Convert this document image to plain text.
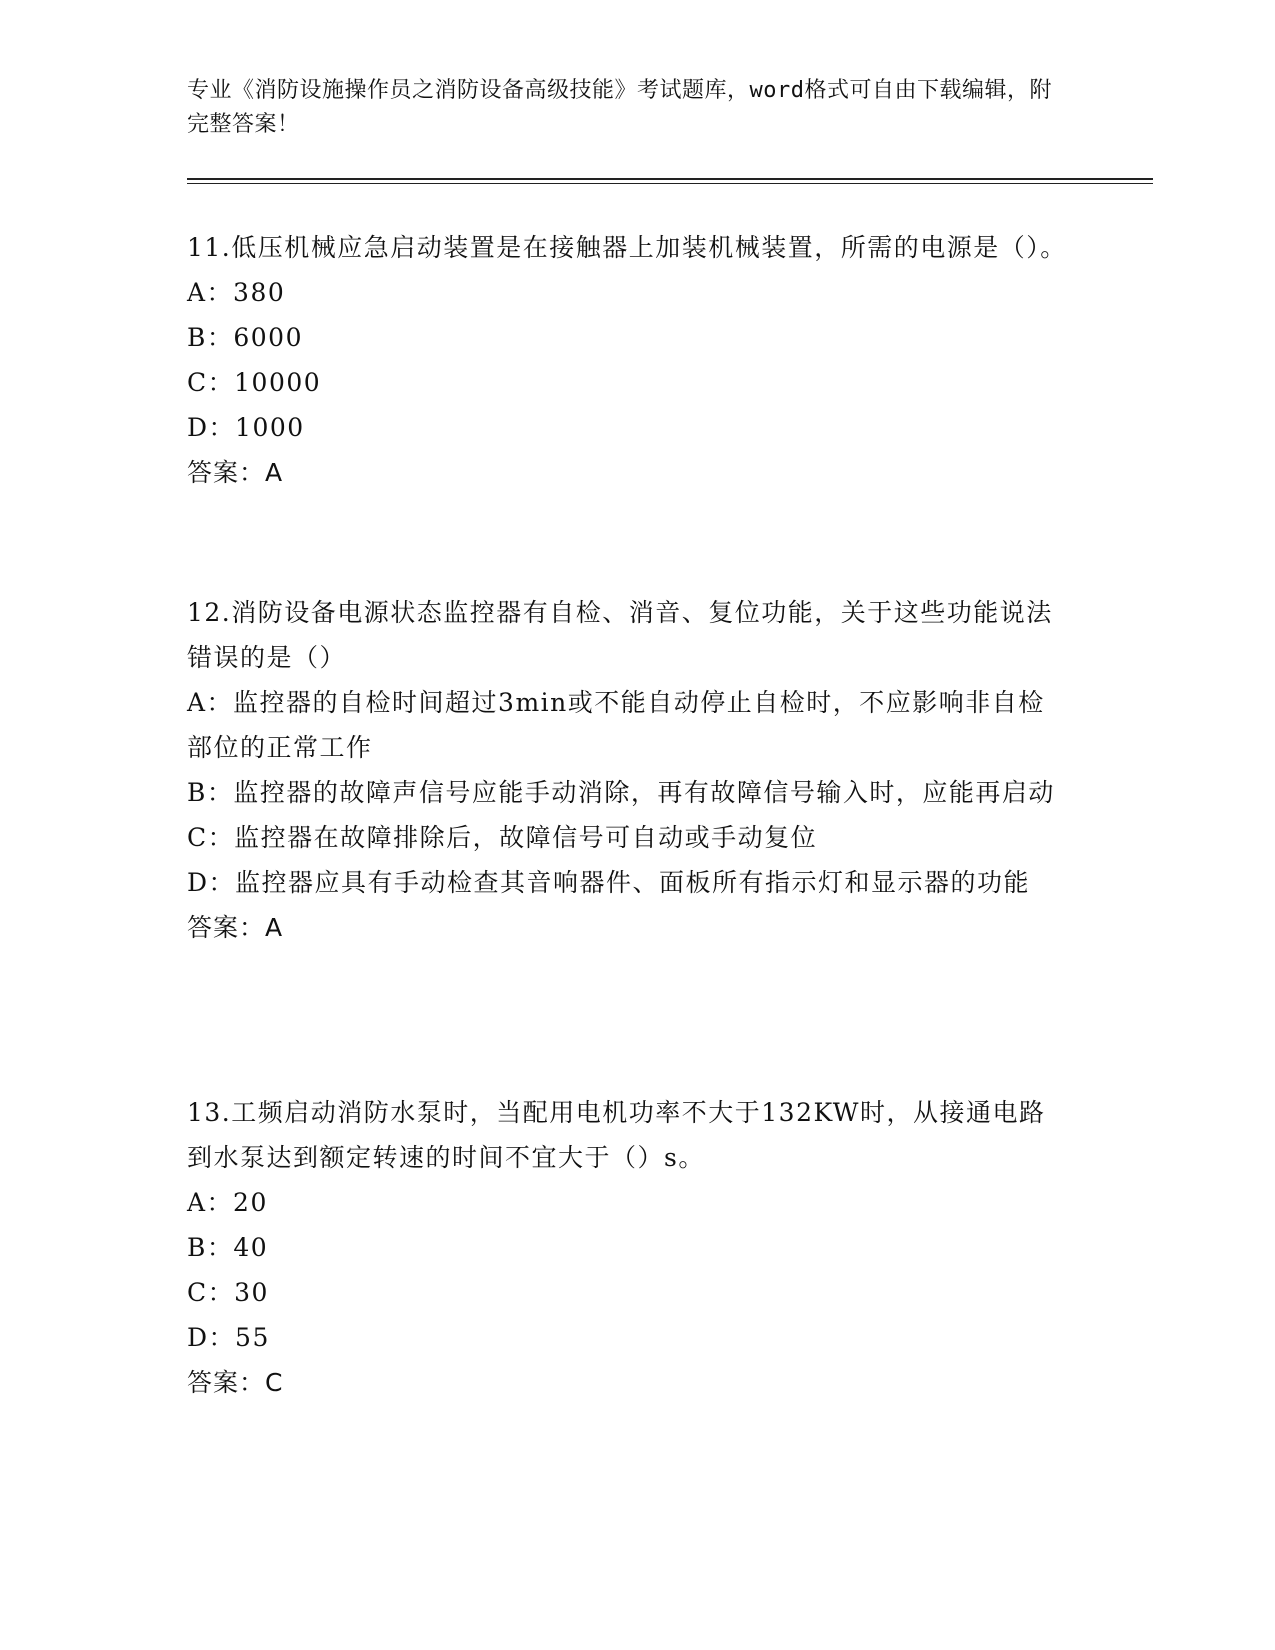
专业《消防设施操作员之消防设备高级技能》考试题库，word格式可自由下载编辑，附完整答案！
11.低压机械应急启动装置是在接触器上加装机械装置，所需的电源是（）。
A：380
B：6000
C：10000
D：1000
答案：A
12.消防设备电源状态监控器有自检、消音、复位功能，关于这些功能说法错误的是（）
A：监控器的自检时间超过3min或不能自动停止自检时，不应影响非自检部位的正常工作
B：监控器的故障声信号应能手动消除，再有故障信号输入时，应能再启动
C：监控器在故障排除后，故障信号可自动或手动复位
D：监控器应具有手动检查其音响器件、面板所有指示灯和显示器的功能
答案：A
13.工频启动消防水泵时，当配用电机功率不大于132KW时，从接通电路到水泵达到额定转速的时间不宜大于（）s。
A：20
B：40
C：30
D：55
答案：C
